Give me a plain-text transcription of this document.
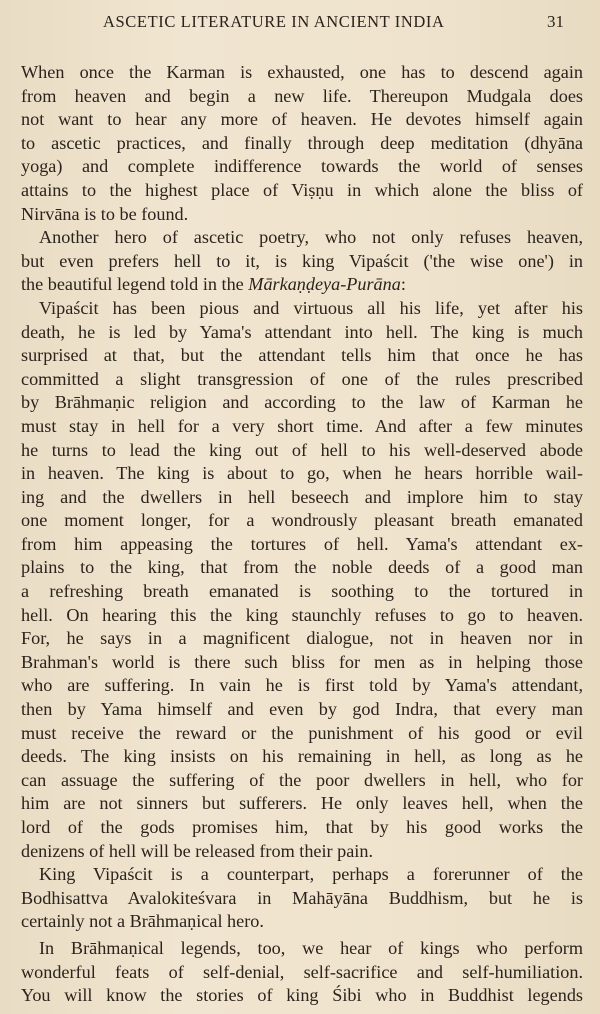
ASCETIC LITERATURE IN ANCIENT INDIA	31

When once the Karman is exhausted, one has to descend again
from heaven and begin a new life. Thereupon Mudgala does
not want to hear any more of heaven. He devotes himself again
to ascetic practices, and finally through deep meditation (dhyāna
yoga) and complete indifference towards the world of senses
attains to the highest place of Viṣṇu in which alone the bliss of
Nirvāna is to be found.

Another hero of ascetic poetry, who not only refuses heaven,
but even prefers hell to it, is king Vipaścit ('the wise one') in
the beautiful legend told in the Mārkaṇḍeya-Purāna:

Vipaścit has been pious and virtuous all his life, yet after his
death, he is led by Yama's attendant into hell. The king is much
surprised at that, but the attendant tells him that once he has
committed a slight transgression of one of the rules prescribed
by Brāhmaṇic religion and according to the law of Karman he
must stay in hell for a very short time. And after a few minutes
he turns to lead the king out of hell to his well-deserved abode
in heaven. The king is about to go, when he hears horrible wail-
ing and the dwellers in hell beseech and implore him to stay
one moment longer, for a wondrously pleasant breath emanated
from him appeasing the tortures of hell. Yama's attendant ex-
plains to the king, that from the noble deeds of a good man
a refreshing breath emanated is soothing to the tortured in
hell. On hearing this the king staunchly refuses to go to heaven.
For, he says in a magnificent dialogue, not in heaven nor in
Brahman's world is there such bliss for men as in helping those
who are suffering. In vain he is first told by Yama's attendant,
then by Yama himself and even by god Indra, that every man
must receive the reward or the punishment of his good or evil
deeds. The king insists on his remaining in hell, as long as he
can assuage the suffering of the poor dwellers in hell, who for
him are not sinners but sufferers. He only leaves hell, when the
lord of the gods promises him, that by his good works the
denizens of hell will be released from their pain.

King Vipaścit is a counterpart, perhaps a forerunner of the
Bodhisattva Avalokiteśvara in Mahāyāna Buddhism, but he is
certainly not a Brāhmaṇical hero.

In Brāhmaṇical legends, too, we hear of kings who perform
wonderful feats of self-denial, self-sacrifice and self-humiliation.
You will know the stories of king Śibi who in Buddhist legends
